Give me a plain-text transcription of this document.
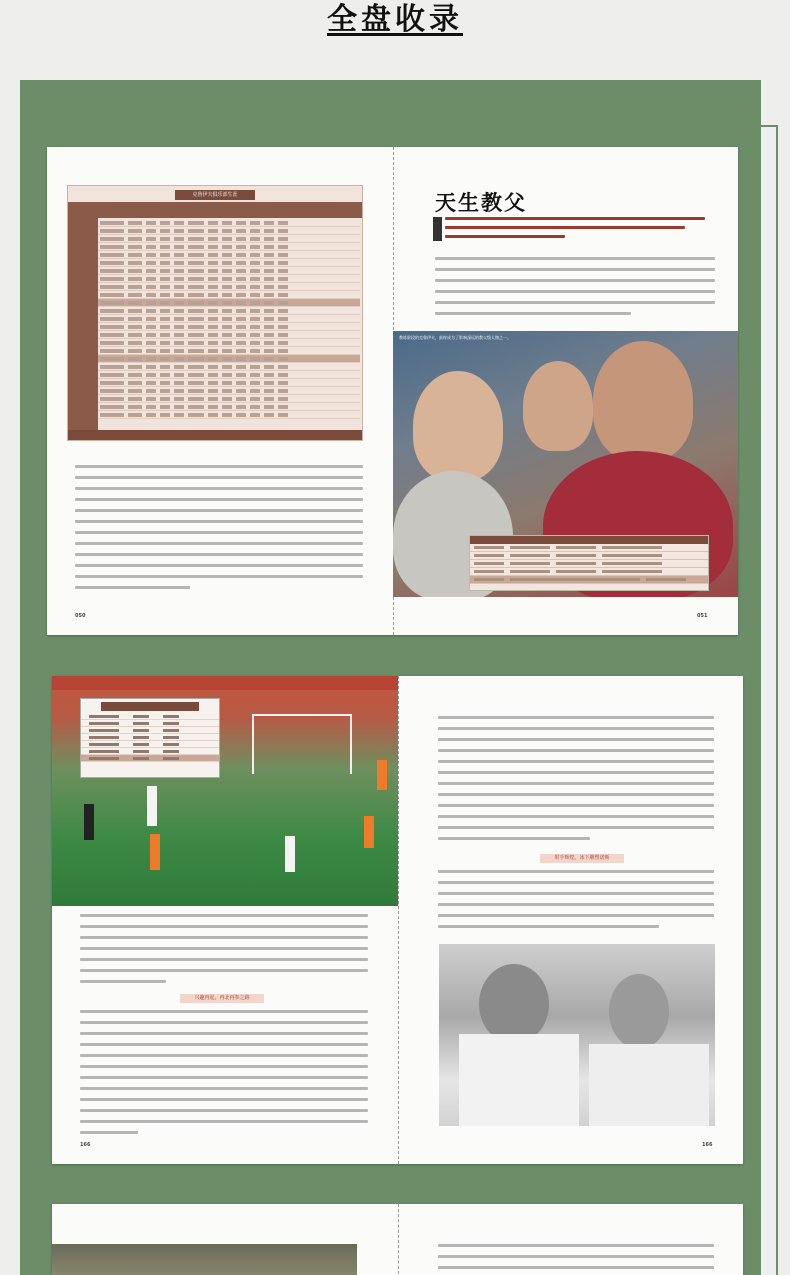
全盘收录
克鲁伊夫俱乐部生涯
050
天生教父
教练阶段的克鲁伊夫，最终成为了影响深远的教父级人物之一。
051
兴趣再起，再北再参之路
166
射手辉煌，冰下雕塑诺斯
166
